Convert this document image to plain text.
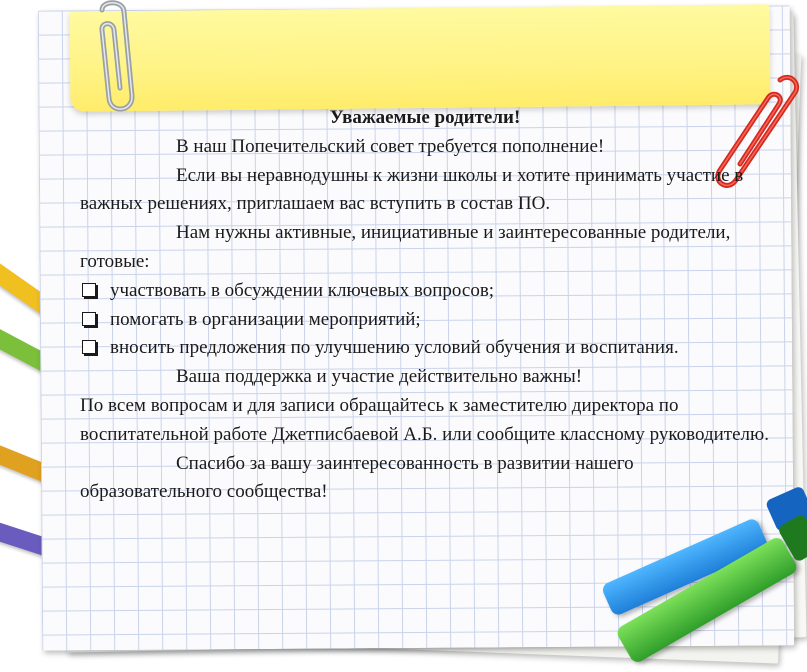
Уважаемые родители!

В наш Попечительский совет требуется пополнение!

Если вы неравнодушны к жизни школы и хотите принимать участие в важных решениях, приглашаем вас вступить в состав ПО.

Нам нужны активные, инициативные и заинтересованные родители, готовые:

участвовать в обсуждении ключевых вопросов;
помогать в организации мероприятий;
вносить предложения по улучшению условий обучения и воспитания.

Ваша поддержка и участие действительно важны!

По всем вопросам и для записи обращайтесь к заместителю директора по воспитательной работе Джетписбаевой А.Б. или сообщите классному руководителю.

Спасибо за вашу заинтересованность в развитии нашего образовательного сообщества!
